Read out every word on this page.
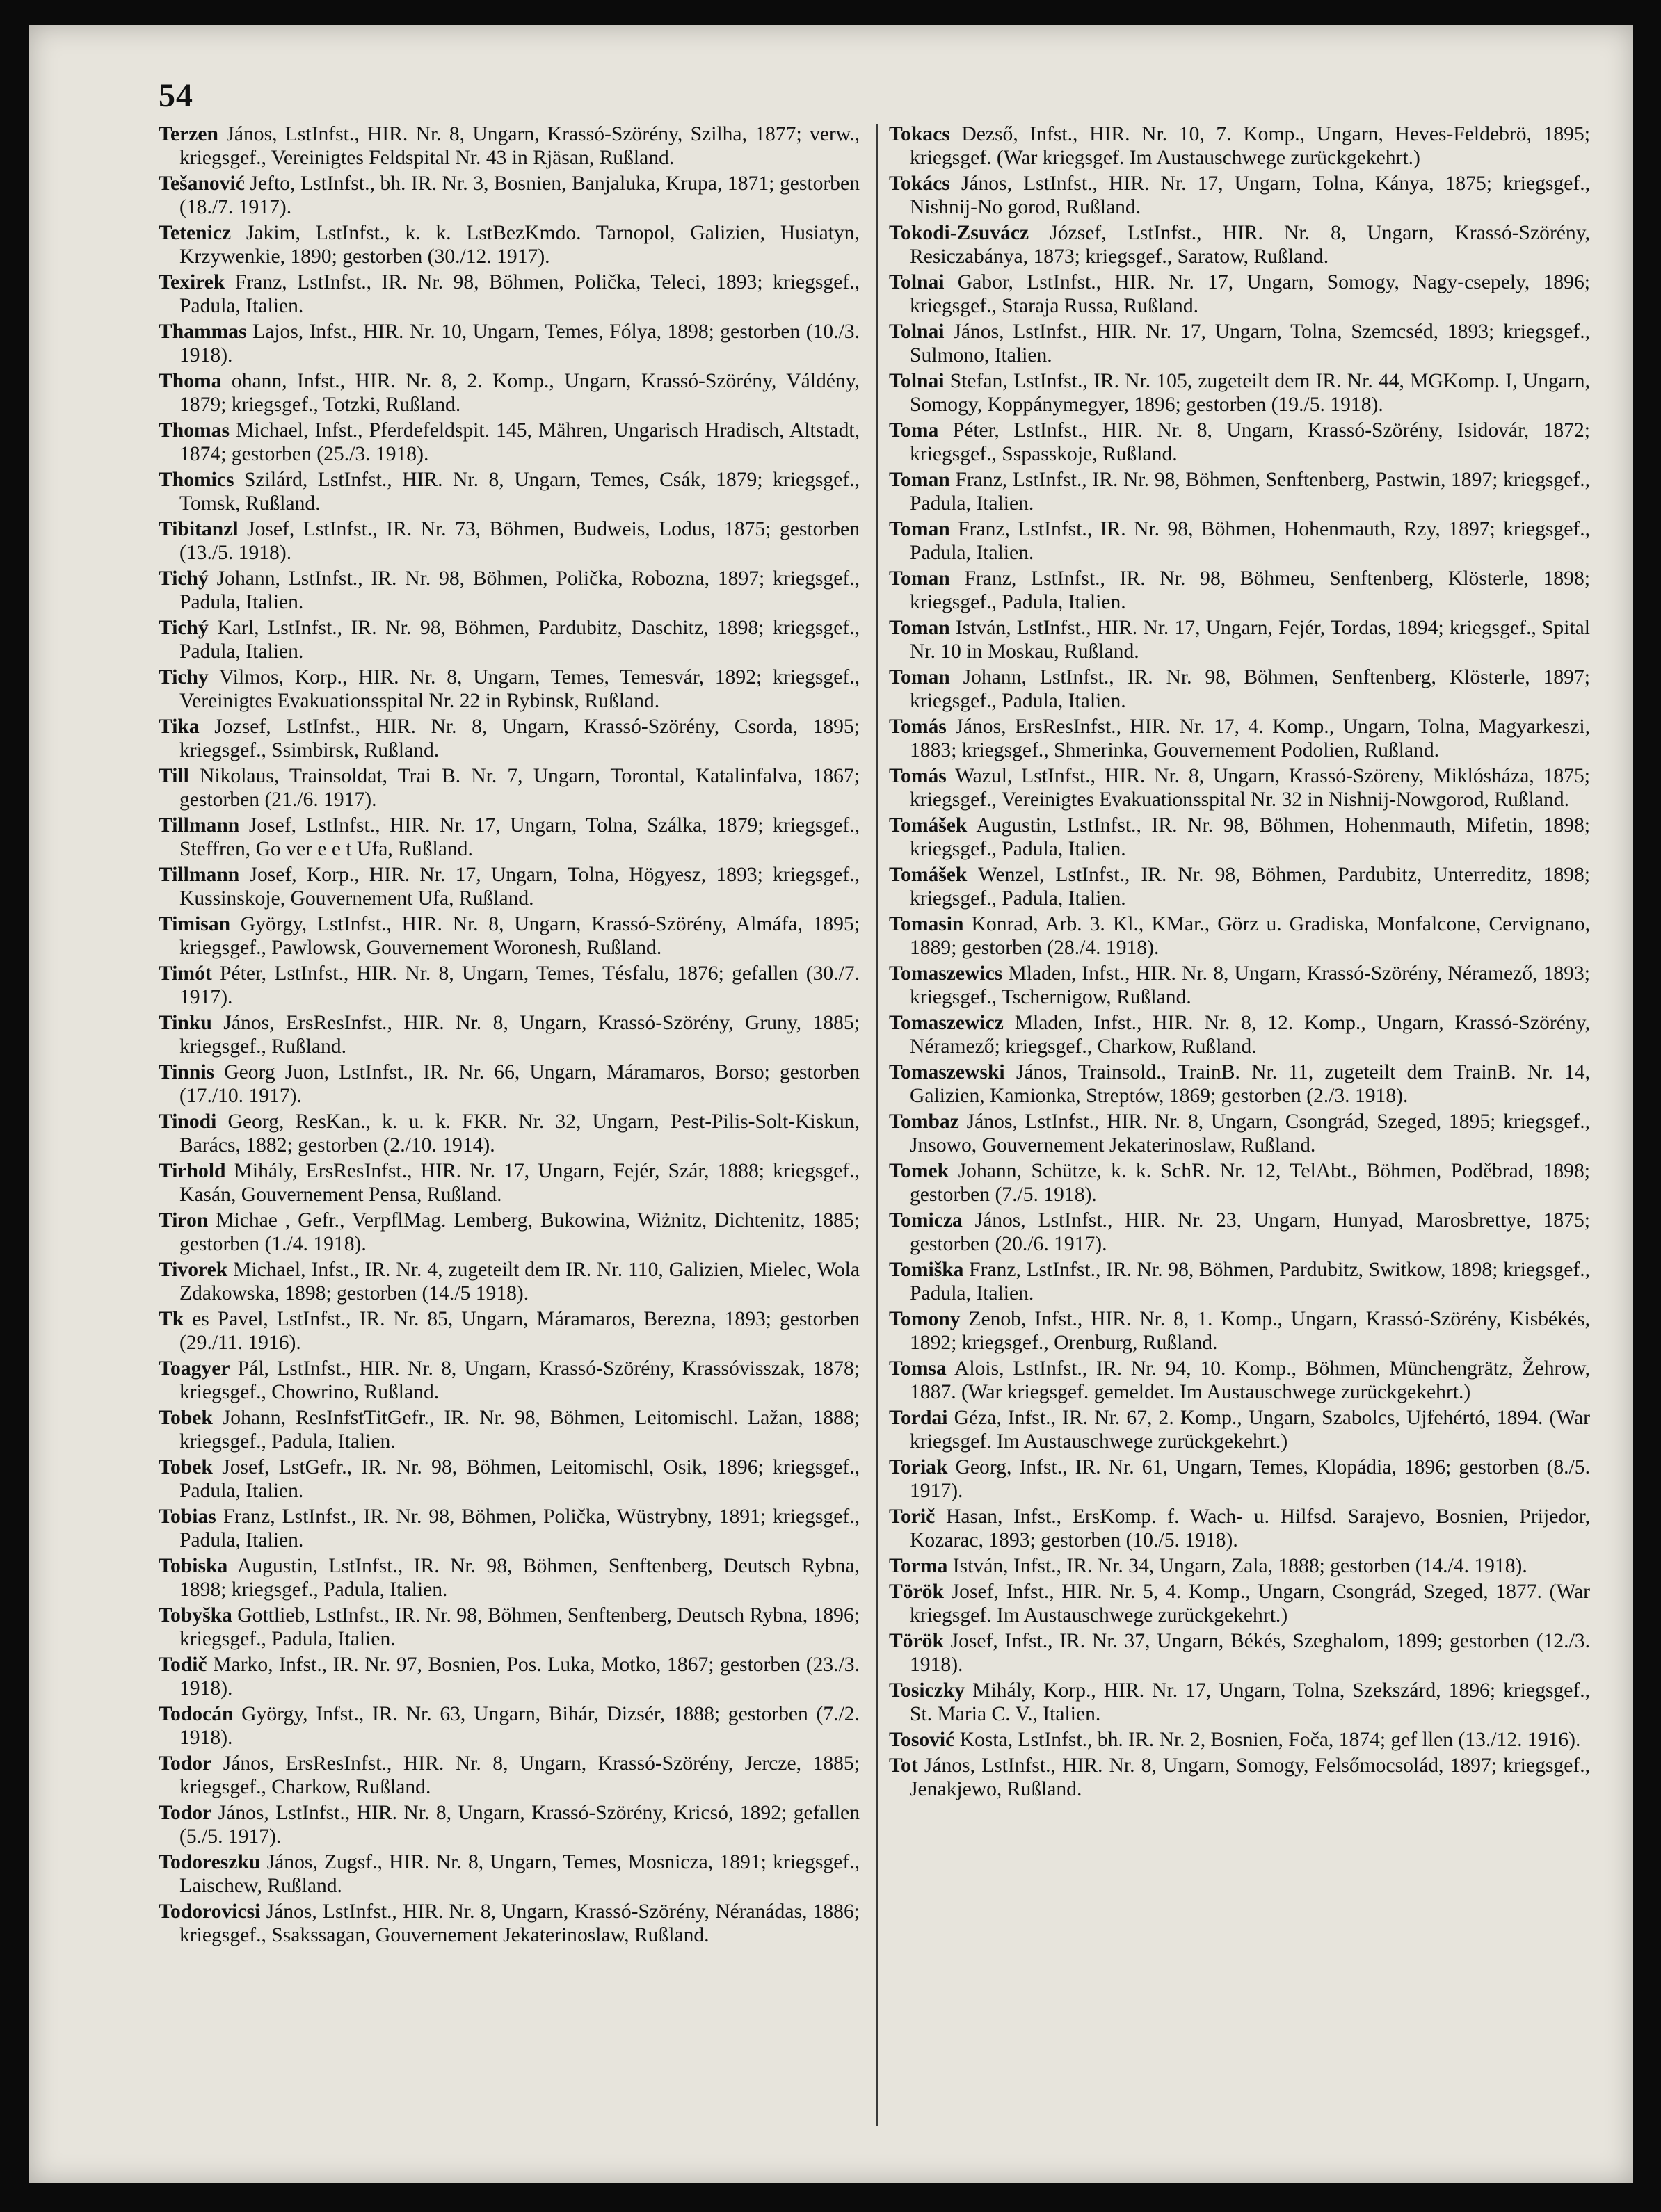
54

Terzen János, LstInfst., HIR. Nr. 8, Ungarn, Krassó-Szörény, Szilha, 1877; verw., kriegsgef., Vereinigtes Feldspital Nr. 43 in Rjäsan, Rußland.

Tešanović Jefto, LstInfst., bh. IR. Nr. 3, Bosnien, Banjaluka, Krupa, 1871; gestorben (18./7. 1917).

Tetenicz Jakim, LstInfst., k. k. LstBezKmdo. Tarnopol, Galizien, Husiatyn, Krzywenkie, 1890; gestorben (30./12. 1917).

Texirek Franz, LstInfst., IR. Nr. 98, Böhmen, Polička, Teleci, 1893; kriegsgef., Padula, Italien.

Thammas Lajos, Infst., HIR. Nr. 10, Ungarn, Temes, Fólya, 1898; gestorben (10./3. 1918).

Thoma ohann, Infst., HIR. Nr. 8, 2. Komp., Ungarn, Krassó-Szörény, Váldény, 1879; kriegsgef., Totzki, Rußland.

Thomas Michael, Infst., Pferdefeldspit. 145, Mähren, Ungarisch Hradisch, Altstadt, 1874; gestorben (25./3. 1918).

Thomics Szilárd, LstInfst., HIR. Nr. 8, Ungarn, Temes, Csák, 1879; kriegsgef., Tomsk, Rußland.

Tibitanzl Josef, LstInfst., IR. Nr. 73, Böhmen, Budweis, Lodus, 1875; gestorben (13./5. 1918).

Tichý Johann, LstInfst., IR. Nr. 98, Böhmen, Polička, Robozna, 1897; kriegsgef., Padula, Italien.

Tichý Karl, LstInfst., IR. Nr. 98, Böhmen, Pardubitz, Daschitz, 1898; kriegsgef., Padula, Italien.

Tichy Vilmos, Korp., HIR. Nr. 8, Ungarn, Temes, Temesvár, 1892; kriegsgef., Vereinigtes Evakuationsspital Nr. 22 in Rybinsk, Rußland.

Tika Jozsef, LstInfst., HIR. Nr. 8, Ungarn, Krassó-Szörény, Csorda, 1895; kriegsgef., Ssimbirsk, Rußland.

Till Nikolaus, Trainsoldat, Trai B. Nr. 7, Ungarn, Torontal, Katalinfalva, 1867; gestorben (21./6. 1917).

Tillmann Josef, LstInfst., HIR. Nr. 17, Ungarn, Tolna, Szálka, 1879; kriegsgef., Steffren, Go ver e e t Ufa, Rußland.

Tillmann Josef, Korp., HIR. Nr. 17, Ungarn, Tolna, Högyesz, 1893; kriegsgef., Kussinskoje, Gouvernement Ufa, Rußland.

Timisan György, LstInfst., HIR. Nr. 8, Ungarn, Krassó-Szörény, Almáfa, 1895; kriegsgef., Pawlowsk, Gouvernement Woronesh, Rußland.

Timót Péter, LstInfst., HIR. Nr. 8, Ungarn, Temes, Tésfalu, 1876; gefallen (30./7. 1917).

Tinku János, ErsResInfst., HIR. Nr. 8, Ungarn, Krassó-Szörény, Gruny, 1885; kriegsgef., Rußland.

Tinnis Georg Juon, LstInfst., IR. Nr. 66, Ungarn, Máramaros, Borso; gestorben (17./10. 1917).

Tinodi Georg, ResKan., k. u. k. FKR. Nr. 32, Ungarn, Pest-Pilis-Solt-Kiskun, Barács, 1882; gestorben (2./10. 1914).

Tirhold Mihály, ErsResInfst., HIR. Nr. 17, Ungarn, Fejér, Szár, 1888; kriegsgef., Kasán, Gouvernement Pensa, Rußland.

Tiron Michae , Gefr., VerpflMag. Lemberg, Bukowina, Wiżnitz, Dichtenitz, 1885; gestorben (1./4. 1918).

Tivorek Michael, Infst., IR. Nr. 4, zugeteilt dem IR. Nr. 110, Galizien, Mielec, Wola Zdakowska, 1898; gestorben (14./5 1918).

Tk es Pavel, LstInfst., IR. Nr. 85, Ungarn, Máramaros, Berezna, 1893; gestorben (29./11. 1916).

Toagyer Pál, LstInfst., HIR. Nr. 8, Ungarn, Krassó-Szörény, Krassóvisszak, 1878; kriegsgef., Chowrino, Rußland.

Tobek Johann, ResInfstTitGefr., IR. Nr. 98, Böhmen, Leitomischl. Lažan, 1888; kriegsgef., Padula, Italien.

Tobek Josef, LstGefr., IR. Nr. 98, Böhmen, Leitomischl, Osik, 1896; kriegsgef., Padula, Italien.

Tobias Franz, LstInfst., IR. Nr. 98, Böhmen, Polička, Wüstrybny, 1891; kriegsgef., Padula, Italien.

Tobiska Augustin, LstInfst., IR. Nr. 98, Böhmen, Senftenberg, Deutsch Rybna, 1898; kriegsgef., Padula, Italien.

Tobyška Gottlieb, LstInfst., IR. Nr. 98, Böhmen, Senftenberg, Deutsch Rybna, 1896; kriegsgef., Padula, Italien.

Todič Marko, Infst., IR. Nr. 97, Bosnien, Pos. Luka, Motko, 1867; gestorben (23./3. 1918).

Todocán György, Infst., IR. Nr. 63, Ungarn, Bihár, Dizsér, 1888; gestorben (7./2. 1918).

Todor János, ErsResInfst., HIR. Nr. 8, Ungarn, Krassó-Szörény, Jercze, 1885; kriegsgef., Charkow, Rußland.

Todor János, LstInfst., HIR. Nr. 8, Ungarn, Krassó-Szörény, Kricsó, 1892; gefallen (5./5. 1917).

Todoreszku János, Zugsf., HIR. Nr. 8, Ungarn, Temes, Mosnicza, 1891; kriegsgef., Laischew, Rußland.

Todorovicsi János, LstInfst., HIR. Nr. 8, Ungarn, Krassó-Szörény, Néranádas, 1886; kriegsgef., Ssakssagan, Gouvernement Jekaterinoslaw, Rußland.

Tokacs Dezső, Infst., HIR. Nr. 10, 7. Komp., Ungarn, Heves-Feldebrö, 1895; kriegsgef. (War kriegsgef. Im Austauschwege zurückgekehrt.)

Tokács János, LstInfst., HIR. Nr. 17, Ungarn, Tolna, Kánya, 1875; kriegsgef., Nishnij-No gorod, Rußland.

Tokodi-Zsuvácz József, LstInfst., HIR. Nr. 8, Ungarn, Krassó-Szörény, Resiczabánya, 1873; kriegsgef., Saratow, Rußland.

Tolnai Gabor, LstInfst., HIR. Nr. 17, Ungarn, Somogy, Nagy-csepely, 1896; kriegsgef., Staraja Russa, Rußland.

Tolnai János, LstInfst., HIR. Nr. 17, Ungarn, Tolna, Szemcséd, 1893; kriegsgef., Sulmono, Italien.

Tolnai Stefan, LstInfst., IR. Nr. 105, zugeteilt dem IR. Nr. 44, MGKomp. I, Ungarn, Somogy, Koppánymegyer, 1896; gestorben (19./5. 1918).

Toma Péter, LstInfst., HIR. Nr. 8, Ungarn, Krassó-Szörény, Isidovár, 1872; kriegsgef., Sspasskoje, Rußland.

Toman Franz, LstInfst., IR. Nr. 98, Böhmen, Senftenberg, Pastwin, 1897; kriegsgef., Padula, Italien.

Toman Franz, LstInfst., IR. Nr. 98, Böhmen, Hohenmauth, Rzy, 1897; kriegsgef., Padula, Italien.

Toman Franz, LstInfst., IR. Nr. 98, Böhmeu, Senftenberg, Klösterle, 1898; kriegsgef., Padula, Italien.

Toman István, LstInfst., HIR. Nr. 17, Ungarn, Fejér, Tordas, 1894; kriegsgef., Spital Nr. 10 in Moskau, Rußland.

Toman Johann, LstInfst., IR. Nr. 98, Böhmen, Senftenberg, Klösterle, 1897; kriegsgef., Padula, Italien.

Tomás János, ErsResInfst., HIR. Nr. 17, 4. Komp., Ungarn, Tolna, Magyarkeszi, 1883; kriegsgef., Shmerinka, Gouvernement Podolien, Rußland.

Tomás Wazul, LstInfst., HIR. Nr. 8, Ungarn, Krassó-Szöreny, Miklósháza, 1875; kriegsgef., Vereinigtes Evakuationsspital Nr. 32 in Nishnij-Nowgorod, Rußland.

Tomášek Augustin, LstInfst., IR. Nr. 98, Böhmen, Hohenmauth, Mifetin, 1898; kriegsgef., Padula, Italien.

Tomášek Wenzel, LstInfst., IR. Nr. 98, Böhmen, Pardubitz, Unterreditz, 1898; kriegsgef., Padula, Italien.

Tomasin Konrad, Arb. 3. Kl., KMar., Görz u. Gradiska, Monfalcone, Cervignano, 1889; gestorben (28./4. 1918).

Tomaszewics Mladen, Infst., HIR. Nr. 8, Ungarn, Krassó-Szörény, Néramező, 1893; kriegsgef., Tschernigow, Rußland.

Tomaszewicz Mladen, Infst., HIR. Nr. 8, 12. Komp., Ungarn, Krassó-Szörény, Néramező; kriegsgef., Charkow, Rußland.

Tomaszewski János, Trainsold., TrainB. Nr. 11, zugeteilt dem TrainB. Nr. 14, Galizien, Kamionka, Streptów, 1869; gestorben (2./3. 1918).

Tombaz János, LstInfst., HIR. Nr. 8, Ungarn, Csongrád, Szeged, 1895; kriegsgef., Jnsowo, Gouvernement Jekaterinoslaw, Rußland.

Tomek Johann, Schütze, k. k. SchR. Nr. 12, TelAbt., Böhmen, Poděbrad, 1898; gestorben (7./5. 1918).

Tomicza János, LstInfst., HIR. Nr. 23, Ungarn, Hunyad, Marosbrettye, 1875; gestorben (20./6. 1917).

Tomiška Franz, LstInfst., IR. Nr. 98, Böhmen, Pardubitz, Switkow, 1898; kriegsgef., Padula, Italien.

Tomony Zenob, Infst., HIR. Nr. 8, 1. Komp., Ungarn, Krassó-Szörény, Kisbékés, 1892; kriegsgef., Orenburg, Rußland.

Tomsa Alois, LstInfst., IR. Nr. 94, 10. Komp., Böhmen, Münchengrätz, Žehrow, 1887. (War kriegsgef. gemeldet. Im Austauschwege zurückgekehrt.)

Tordai Géza, Infst., IR. Nr. 67, 2. Komp., Ungarn, Szabolcs, Ujfehértó, 1894. (War kriegsgef. Im Austauschwege zurückgekehrt.)

Toriak Georg, Infst., IR. Nr. 61, Ungarn, Temes, Klopádia, 1896; gestorben (8./5. 1917).

Torič Hasan, Infst., ErsKomp. f. Wach- u. Hilfsd. Sarajevo, Bosnien, Prijedor, Kozarac, 1893; gestorben (10./5. 1918).

Torma István, Infst., IR. Nr. 34, Ungarn, Zala, 1888; gestorben (14./4. 1918).

Török Josef, Infst., HIR. Nr. 5, 4. Komp., Ungarn, Csongrád, Szeged, 1877. (War kriegsgef. Im Austauschwege zurückgekehrt.)

Török Josef, Infst., IR. Nr. 37, Ungarn, Békés, Szeghalom, 1899; gestorben (12./3. 1918).

Tosiczky Mihály, Korp., HIR. Nr. 17, Ungarn, Tolna, Szekszárd, 1896; kriegsgef., St. Maria C. V., Italien.

Tosović Kosta, LstInfst., bh. IR. Nr. 2, Bosnien, Foča, 1874; gef llen (13./12. 1916).

Tot János, LstInfst., HIR. Nr. 8, Ungarn, Somogy, Felsőmocsolád, 1897; kriegsgef., Jenakjewo, Rußland.
